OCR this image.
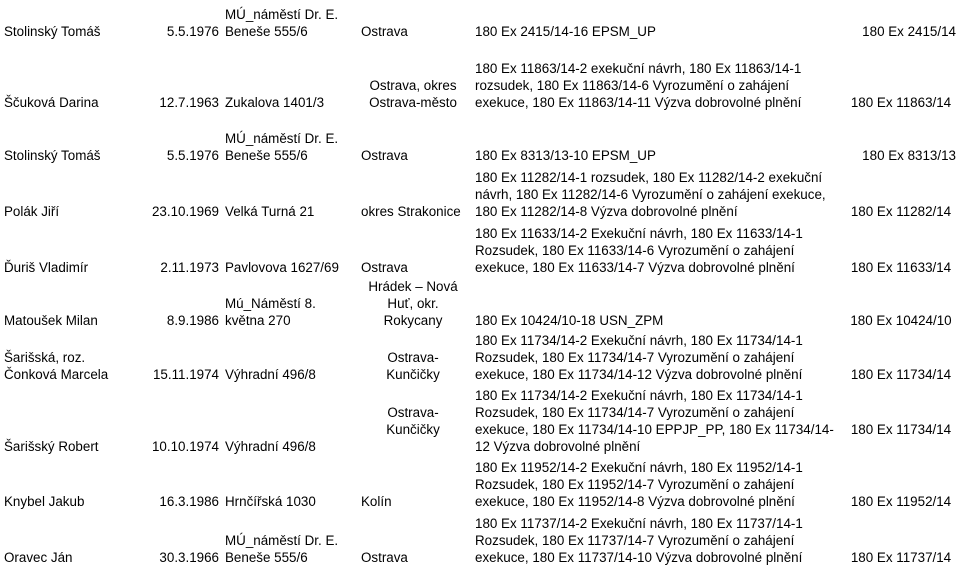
Stolinský Tomáš	5.5.1976	MÚ_náměstí Dr. E. Beneše 555/6	Ostrava	180 Ex 2415/14-16 EPSM_UP	180 Ex 2415/14
Ščuková Darina	12.7.1963	Zukalova 1401/3	Ostrava, okres Ostrava-město	180 Ex 11863/14-2 exekuční návrh, 180 Ex 11863/14-1 rozsudek, 180 Ex 11863/14-6 Vyrozumění o zahájení exekuce, 180 Ex 11863/14-11 Výzva dobrovolné plnění	180 Ex 11863/14
Stolinský Tomáš	5.5.1976	MÚ_náměstí Dr. E. Beneše 555/6	Ostrava	180 Ex 8313/13-10 EPSM_UP	180 Ex 8313/13
Polák Jiří	23.10.1969	Velká Turná 21	okres Strakonice	180 Ex 11282/14-1 rozsudek, 180 Ex 11282/14-2 exekuční návrh, 180 Ex 11282/14-6 Vyrozumění o zahájení exekuce, 180 Ex 11282/14-8 Výzva dobrovolné plnění	180 Ex 11282/14
Ďuriš Vladimír	2.11.1973	Pavlovova 1627/69	Ostrava	180 Ex 11633/14-2 Exekuční návrh, 180 Ex 11633/14-1 Rozsudek, 180 Ex 11633/14-6 Vyrozumění o zahájení exekuce, 180 Ex 11633/14-7 Výzva dobrovolné plnění	180 Ex 11633/14
Matoušek Milan	8.9.1986	Mú_Náměstí 8. května 270	Hrádek – Nová Huť, okr. Rokycany	180 Ex 10424/10-18 USN_ZPM	180 Ex 10424/10
Šarišská, roz. Čonková Marcela	15.11.1974	Výhradní 496/8	Ostrava-Kunčičky	180 Ex 11734/14-2 Exekuční návrh, 180 Ex 11734/14-1 Rozsudek, 180 Ex 11734/14-7 Vyrozumění o zahájení exekuce, 180 Ex 11734/14-12 Výzva dobrovolné plnění	180 Ex 11734/14
Šarišský Robert	10.10.1974	Výhradní 496/8	Ostrava-Kunčičky	180 Ex 11734/14-2 Exekuční návrh, 180 Ex 11734/14-1 Rozsudek, 180 Ex 11734/14-7 Vyrozumění o zahájení exekuce, 180 Ex 11734/14-10 EPPJP_PP, 180 Ex 11734/14-12 Výzva dobrovolné plnění	180 Ex 11734/14
Knybel Jakub	16.3.1986	Hrnčířská 1030	Kolín	180 Ex 11952/14-2 Exekuční návrh, 180 Ex 11952/14-1 Rozsudek, 180 Ex 11952/14-7 Vyrozumění o zahájení exekuce, 180 Ex 11952/14-8 Výzva dobrovolné plnění	180 Ex 11952/14
Oravec Ján	30.3.1966	MÚ_náměstí Dr. E. Beneše 555/6	Ostrava	180 Ex 11737/14-2 Exekuční návrh, 180 Ex 11737/14-1 Rozsudek, 180 Ex 11737/14-7 Vyrozumění o zahájení exekuce, 180 Ex 11737/14-10 Výzva dobrovolné plnění	180 Ex 11737/14
